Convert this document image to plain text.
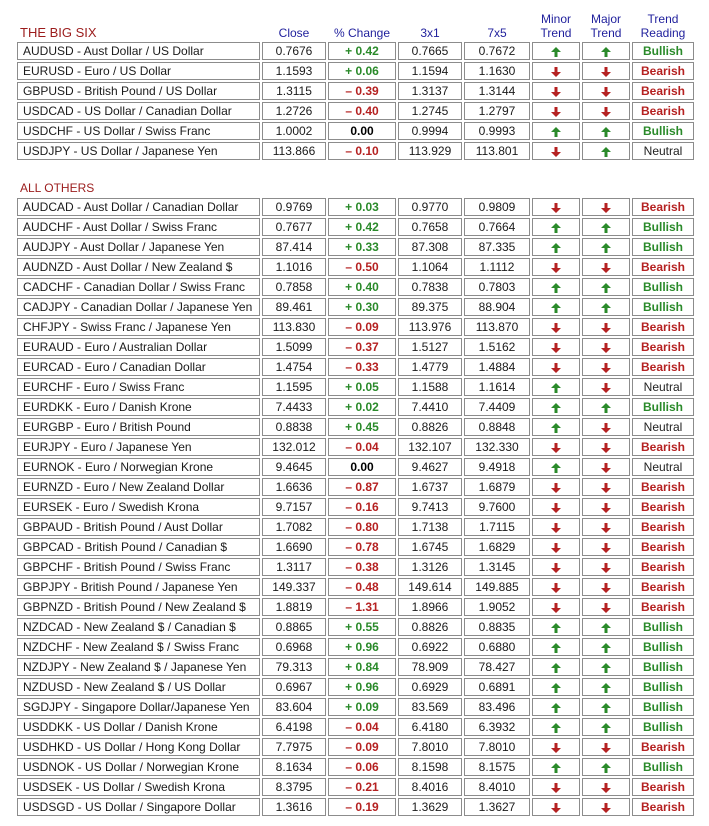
THE BIG SIX	Close	% Change	3x1	7x5	Minor Trend	Major Trend	Trend Reading
AUDUSD - Aust Dollar / US Dollar	0.7676	+ 0.42	0.7665	0.7672			Bullish
EURUSD - Euro / US Dollar	1.1593	+ 0.06	1.1594	1.1630			Bearish
GBPUSD - British Pound / US Dollar	1.3115	– 0.39	1.3137	1.3144			Bearish
USDCAD - US Dollar / Canadian Dollar	1.2726	– 0.40	1.2745	1.2797			Bearish
USDCHF - US Dollar / Swiss Franc	1.0002	0.00	0.9994	0.9993			Bullish
USDJPY - US Dollar / Japanese Yen	113.866	– 0.10	113.929	113.801			Neutral

ALL OTHERS							
AUDCAD - Aust Dollar / Canadian Dollar	0.9769	+ 0.03	0.9770	0.9809			Bearish
AUDCHF - Aust Dollar / Swiss Franc	0.7677	+ 0.42	0.7658	0.7664			Bullish
AUDJPY - Aust Dollar / Japanese Yen	87.414	+ 0.33	87.308	87.335			Bullish
AUDNZD - Aust Dollar / New Zealand $	1.1016	– 0.50	1.1064	1.1112			Bearish
CADCHF - Canadian Dollar / Swiss Franc	0.7858	+ 0.40	0.7838	0.7803			Bullish
CADJPY - Canadian Dollar / Japanese Yen	89.461	+ 0.30	89.375	88.904			Bullish
CHFJPY - Swiss Franc / Japanese Yen	113.830	– 0.09	113.976	113.870			Bearish
EURAUD - Euro / Australian Dollar	1.5099	– 0.37	1.5127	1.5162			Bearish
EURCAD - Euro / Canadian Dollar	1.4754	– 0.33	1.4779	1.4884			Bearish
EURCHF - Euro / Swiss Franc	1.1595	+ 0.05	1.1588	1.1614			Neutral
EURDKK - Euro / Danish Krone	7.4433	+ 0.02	7.4410	7.4409			Bullish
EURGBP - Euro / British Pound	0.8838	+ 0.45	0.8826	0.8848			Neutral
EURJPY - Euro / Japanese Yen	132.012	– 0.04	132.107	132.330			Bearish
EURNOK - Euro / Norwegian Krone	9.4645	0.00	9.4627	9.4918			Neutral
EURNZD - Euro / New Zealand Dollar	1.6636	– 0.87	1.6737	1.6879			Bearish
EURSEK - Euro / Swedish Krona	9.7157	– 0.16	9.7413	9.7600			Bearish
GBPAUD - British Pound / Aust Dollar	1.7082	– 0.80	1.7138	1.7115			Bearish
GBPCAD - British Pound / Canadian $	1.6690	– 0.78	1.6745	1.6829			Bearish
GBPCHF - British Pound / Swiss Franc	1.3117	– 0.38	1.3126	1.3145			Bearish
GBPJPY - British Pound / Japanese Yen	149.337	– 0.48	149.614	149.885			Bearish
GBPNZD - British Pound / New Zealand $	1.8819	– 1.31	1.8966	1.9052			Bearish
NZDCAD - New Zealand $ / Canadian $	0.8865	+ 0.55	0.8826	0.8835			Bullish
NZDCHF - New Zealand $ / Swiss Franc	0.6968	+ 0.96	0.6922	0.6880			Bullish
NZDJPY - New Zealand $ / Japanese Yen	79.313	+ 0.84	78.909	78.427			Bullish
NZDUSD - New Zealand $ / US Dollar	0.6967	+ 0.96	0.6929	0.6891			Bullish
SGDJPY - Singapore Dollar/Japanese Yen	83.604	+ 0.09	83.569	83.496			Bullish
USDDKK - US Dollar / Danish Krone	6.4198	– 0.04	6.4180	6.3932			Bullish
USDHKD - US Dollar / Hong Kong Dollar	7.7975	– 0.09	7.8010	7.8010			Bearish
USDNOK - US Dollar / Norwegian Krone	8.1634	– 0.06	8.1598	8.1575			Bullish
USDSEK - US Dollar / Swedish Krona	8.3795	– 0.21	8.4016	8.4010			Bearish
USDSGD - US Dollar / Singapore Dollar	1.3616	– 0.19	1.3629	1.3627			Bearish
